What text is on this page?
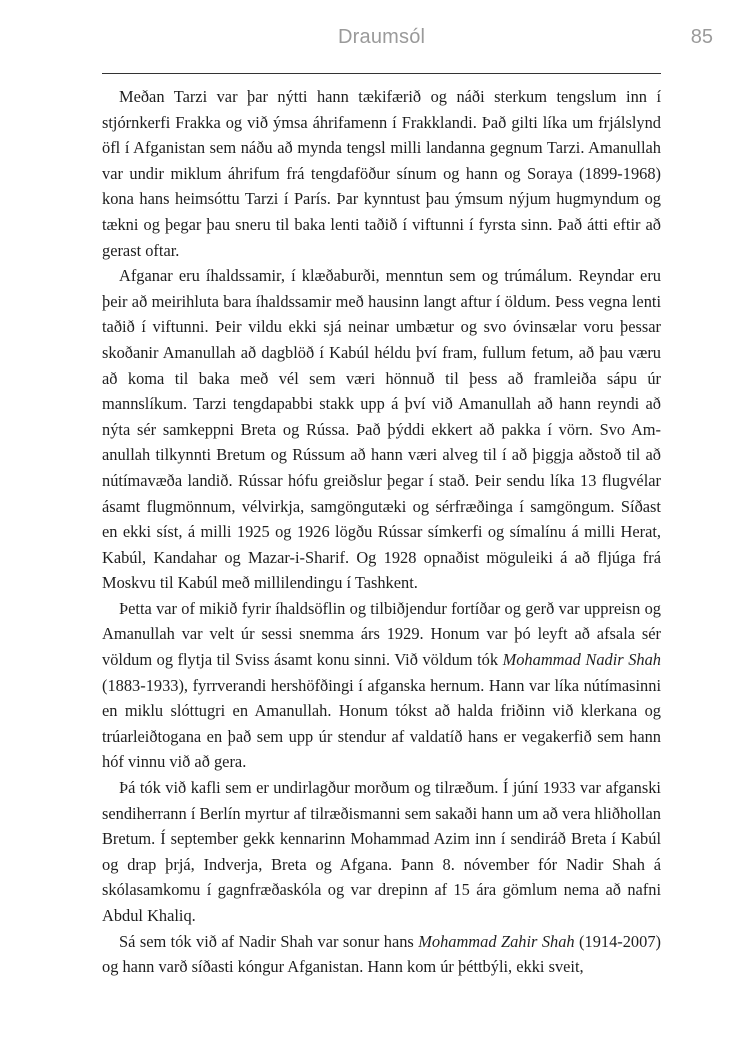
Draumsól	85

Meðan Tarzi var þar nýtti hann tækifærið og náði sterkum tengslum inn í stjórnkerfi Frakka og við ýmsa áhrifamenn í Frakklandi. Það gilti líka um frjálslynd öfl í Afganistan sem náðu að mynda tengsl milli landanna gegnum Tarzi. Amanullah var undir miklum áhrifum frá tengdaföður sínum og hann og Soraya (1899-1968) kona hans heimsóttu Tarzi í París. Þar kynntust þau ýmsum nýjum hugmyndum og tækni og þegar þau sneru til baka lenti taðið í viftunni í fyrsta sinn. Það átti eftir að gerast oftar.

Afganar eru íhaldssamir, í klæðaburði, menntun sem og trúmálum. Reyndar eru þeir að meirihluta bara íhaldssamir með hausinn langt aftur í öldum. Þess vegna lenti taðið í viftunni. Þeir vildu ekki sjá neinar umbætur og svo óvinsælar voru þessar skoðanir Amanullah að dagblöð í Kabúl héldu því fram, fullum fetum, að þau væru að koma til baka með vél sem væri hönnuð til þess að framleiða sápu úr mannslíkum. Tarzi tengdapabbi stakk upp á því við Amanullah að hann reyndi að nýta sér samkeppni Breta og Rússa. Það þýddi ekkert að pakka í vörn. Svo Amanullah tilkynnti Bretum og Rússum að hann væri alveg til í að þiggja aðstoð til að nútímavæða landið. Rússar hófu greiðslur þegar í stað. Þeir sendu líka 13 flugvélar ásamt flugmönnum, vélvirkja, samgöngutæki og sérfræðinga í samgöngum. Síðast en ekki síst, á milli 1925 og 1926 lögðu Rússar símkerfi og símalínu á milli Herat, Kabúl, Kandahar og Mazar-i-Sharif. Og 1928 opnaðist möguleiki á að fljúga frá Moskvu til Kabúl með millilendingu í Tashkent.

Þetta var of mikið fyrir íhaldsöflin og tilbiðjendur fortíðar og gerð var uppreisn og Amanullah var velt úr sessi snemma árs 1929. Honum var þó leyft að afsala sér völdum og flytja til Sviss ásamt konu sinni. Við völdum tók Mohammad Nadir Shah (1883-1933), fyrrverandi hershöfðingi í afganska hernum. Hann var líka nútímasinni en miklu slóttugri en Amanullah. Honum tókst að halda friðinn við klerkana og trúarleiðtogana en það sem upp úr stendur af valdatíð hans er vegakerfið sem hann hóf vinnu við að gera.

Þá tók við kafli sem er undirlagður morðum og tilræðum. Í júní 1933 var afganski sendiherrann í Berlín myrtur af tilræðismanni sem sakaði hann um að vera hliðhollan Bretum. Í september gekk kennarinn Mohammad Azim inn í sendiráð Breta í Kabúl og drap þrjá, Indverja, Breta og Afgana. Þann 8. nóvember fór Nadir Shah á skólasamkomu í gagnfræðaskóla og var drepinn af 15 ára gömlum nema að nafni Abdul Khaliq.

Sá sem tók við af Nadir Shah var sonur hans Mohammad Zahir Shah (1914-2007) og hann varð síðasti kóngur Afganistan. Hann kom úr þéttbýli, ekki sveit,
